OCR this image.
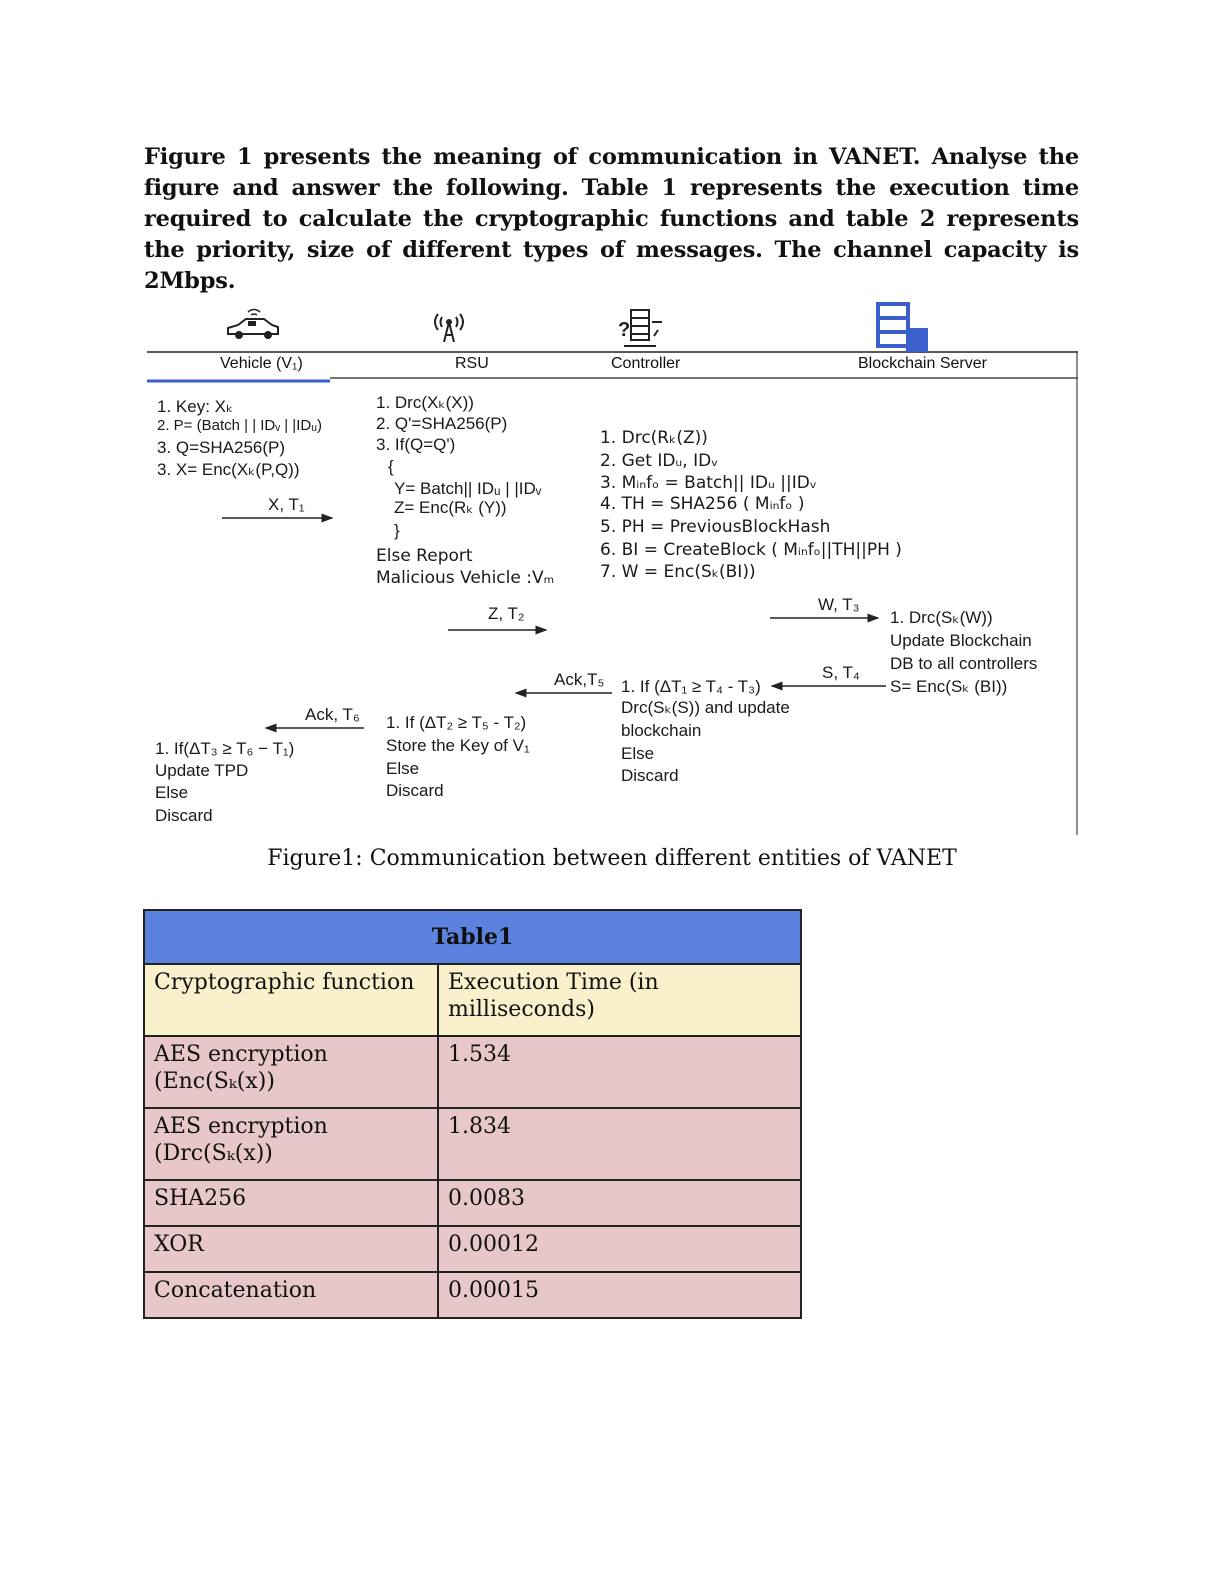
Figure 1 presents the meaning of communication in VANET. Analyse the figure and answer the following. Table 1 represents the execution time required to calculate the cryptographic functions and table 2 represents the priority, size of different types of messages. The channel capacity is 2Mbps.
?
Vehicle (V₁)	RSU	Controller	Blockchain Server
1. Key: Xₖ
2. P= (Batch | | IDᵥ | |IDᵤ)
3. Q=SHA256(P)
3. X= Enc(Xₖ(P,Q))
X, T₁
1. Drc(Xₖ(X))
2. Q'=SHA256(P)
3. If(Q=Q')
{
Y= Batch|| IDᵤ | |IDᵥ
Z= Enc(Rₖ (Y))
}
Else Report
Malicious Vehicle :Vₘ
Z, T₂
1. Drc(Rₖ(Z))
2. Get IDᵤ, IDᵥ
3. Mᵢₙfₒ = Batch|| IDᵤ ||IDᵥ
4. TH = SHA256 ( Mᵢₙfₒ )
5. PH = PreviousBlockHash
6. BI = CreateBlock ( Mᵢₙfₒ||TH||PH )
7. W = Enc(Sₖ(BI))
W, T₃
1. Drc(Sₖ(W))
Update Blockchain
DB to all controllers
S= Enc(Sₖ (BI))
S, T₄
1. If (ΔT₁ ≥ T₄ - T₃)
Drc(Sₖ(S)) and update
blockchain
Else
Discard
Ack,T₅
1. If (ΔT₂ ≥ T₅ - T₂)
Store the Key of V₁
Else
Discard
Ack, T₆
1. If(ΔT₃ ≥ T₆ − T₁)
Update TPD
Else
Discard
Figure1: Communication between different entities of VANET
Table1	
Cryptographic function	Execution Time (in milliseconds)
AES encryption (Enc(Sₖ(x))	1.534
AES encryption (Drc(Sₖ(x))	1.834
SHA256	0.0083
XOR	0.00012
Concatenation	0.00015
